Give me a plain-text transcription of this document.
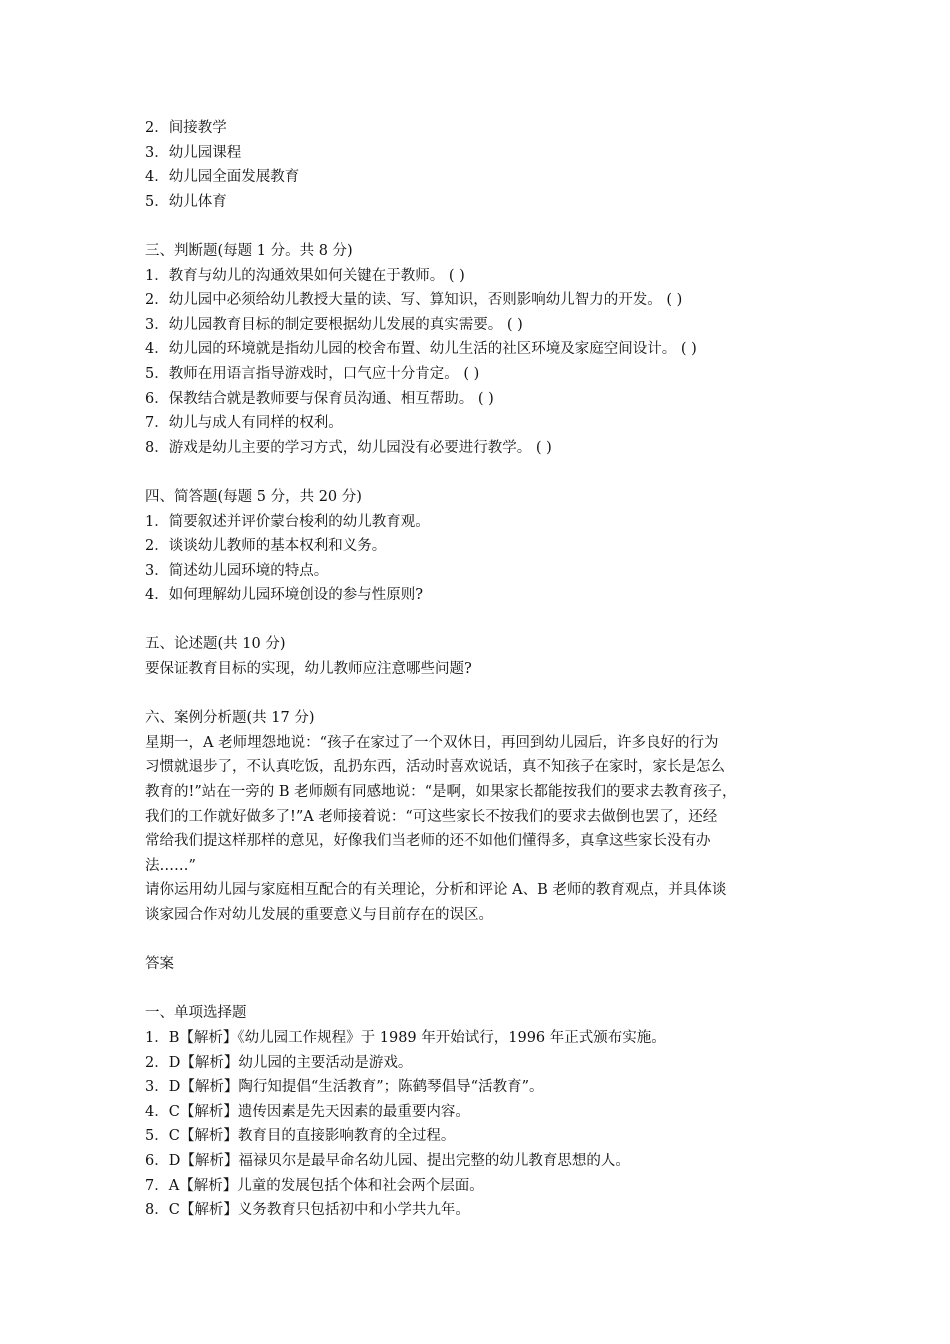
2．间接教学
3．幼儿园课程
4．幼儿园全面发展教育
5．幼儿体育
三、判断题(每题 1 分。共 8 分)
1．教育与幼儿的沟通效果如何关键在于教师。 ( )
2．幼儿园中必须给幼儿教授大量的读、写、算知识，否则影响幼儿智力的开发。 ( )
3．幼儿园教育目标的制定要根据幼儿发展的真实需要。 ( )
4．幼儿园的环境就是指幼儿园的校舍布置、幼儿生活的社区环境及家庭空间设计。 ( )
5．教师在用语言指导游戏时，口气应十分肯定。 ( )
6．保教结合就是教师要与保育员沟通、相互帮助。 ( )
7．幼儿与成人有同样的权利。
8．游戏是幼儿主要的学习方式，幼儿园没有必要进行教学。 ( )
四、简答题(每题 5 分，共 20 分)
1．简要叙述并评价蒙台梭利的幼儿教育观。
2．谈谈幼儿教师的基本权利和义务。
3．简述幼儿园环境的特点。
4．如何理解幼儿园环境创设的参与性原则?
五、论述题(共 10 分)
要保证教育目标的实现，幼儿教师应注意哪些问题?
六、案例分析题(共 17 分)
星期一，A 老师埋怨地说：“孩子在家过了一个双休日，再回到幼儿园后，许多良好的行为
习惯就退步了，不认真吃饭，乱扔东西，活动时喜欢说话，真不知孩子在家时，家长是怎么
教育的!”站在一旁的 B 老师颇有同感地说：“是啊，如果家长都能按我们的要求去教育孩子，
我们的工作就好做多了!”A 老师接着说：“可这些家长不按我们的要求去做倒也罢了，还经
常给我们提这样那样的意见，好像我们当老师的还不如他们懂得多，真拿这些家长没有办
法……”
请你运用幼儿园与家庭相互配合的有关理论，分析和评论 A、B 老师的教育观点，并具体谈
谈家园合作对幼儿发展的重要意义与目前存在的误区。
答案
一、单项选择题
1．B【解析】《幼儿园工作规程》于 1989 年开始试行，1996 年正式颁布实施。
2．D【解析】幼儿园的主要活动是游戏。
3．D【解析】陶行知提倡“生活教育”；陈鹤琴倡导“活教育”。
4．C【解析】遗传因素是先天因素的最重要内容。
5．C【解析】教育目的直接影响教育的全过程。
6．D【解析】福禄贝尔是最早命名幼儿园、提出完整的幼儿教育思想的人。
7．A【解析】儿童的发展包括个体和社会两个层面。
8．C【解析】义务教育只包括初中和小学共九年。
